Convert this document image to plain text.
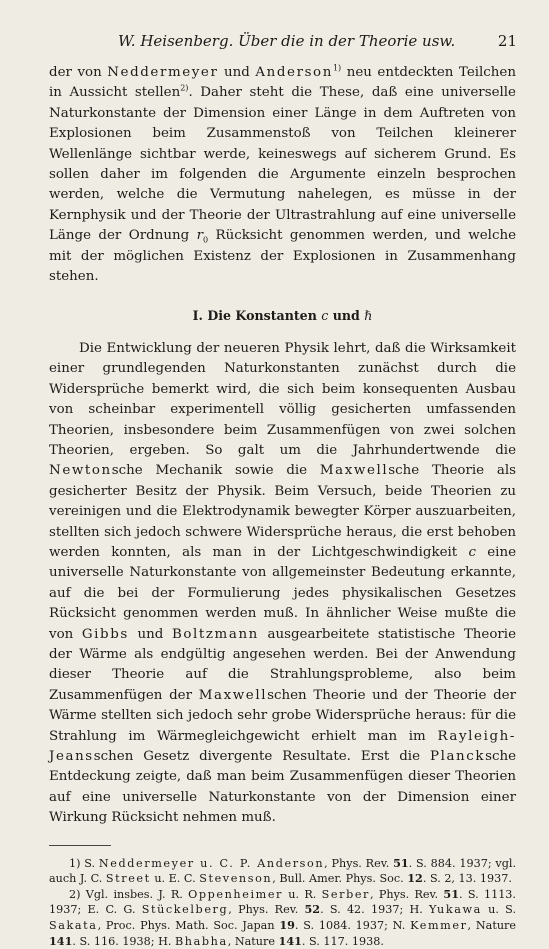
W. Heisenberg. Über die in der Theorie usw.	21

der von Neddermeyer und Anderson$^{1)}$ neu entdeckten Teilchen in Aussicht stellen$^{2)}$. Daher steht die These, daß eine universelle Naturkonstante der Dimension einer Länge in dem Auftreten von Explosionen beim Zusammenstoß von Teilchen kleinerer Wellenlänge sichtbar werde, keineswegs auf sicherem Grund. Es sollen daher im folgenden die Argumente einzeln besprochen werden, welche die Vermutung nahelegen, es müsse in der Kernphysik und der Theorie der Ultrastrahlung auf eine universelle Länge der Ordnung $r_0$ Rücksicht genommen werden, und welche mit der möglichen Existenz der Explosionen in Zusammenhang stehen.

I. Die Konstanten c und ℏ

Die Entwicklung der neueren Physik lehrt, daß die Wirksamkeit einer grundlegenden Naturkonstanten zunächst durch die Widersprüche bemerkt wird, die sich beim konsequenten Ausbau von scheinbar experimentell völlig gesicherten umfassenden Theorien, insbesondere beim Zusammenfügen von zwei solchen Theorien, ergeben. So galt um die Jahrhundertwende die Newtonsche Mechanik sowie die Maxwellsche Theorie als gesicherter Besitz der Physik. Beim Versuch, beide Theorien zu vereinigen und die Elektrodynamik bewegter Körper auszuarbeiten, stellten sich jedoch schwere Widersprüche heraus, die erst behoben werden konnten, als man in der Lichtgeschwindigkeit c eine universelle Naturkonstante von allgemeinster Bedeutung erkannte, auf die bei der Formulierung jedes physikalischen Gesetzes Rücksicht genommen werden muß. In ähnlicher Weise mußte die von Gibbs und Boltzmann ausgearbeitete statistische Theorie der Wärme als endgültig angesehen werden. Bei der Anwendung dieser Theorie auf die Strahlungsprobleme, also beim Zusammenfügen der Maxwellschen Theorie und der Theorie der Wärme stellten sich jedoch sehr grobe Widersprüche heraus: für die Strahlung im Wärmegleichgewicht erhielt man im Rayleigh-Jeansschen Gesetz divergente Resultate. Erst die Plancksche Entdeckung zeigte, daß man beim Zusammenfügen dieser Theorien auf eine universelle Naturkonstante von der Dimension einer Wirkung Rücksicht nehmen muß.

1) S. Neddermeyer u. C. P. Anderson, Phys. Rev. 51. S. 884. 1937; vgl. auch J. C. Street u. E. C. Stevenson, Bull. Amer. Phys. Soc. 12. S. 2, 13. 1937.

2) Vgl. insbes. J. R. Oppenheimer u. R. Serber, Phys. Rev. 51. S. 1113. 1937; E. C. G. Stückelberg, Phys. Rev. 52. S. 42. 1937; H. Yukawa u. S. Sakata, Proc. Phys. Math. Soc. Japan 19. S. 1084. 1937; N. Kemmer, Nature 141. S. 116. 1938; H. Bhabha, Nature 141. S. 117. 1938.
